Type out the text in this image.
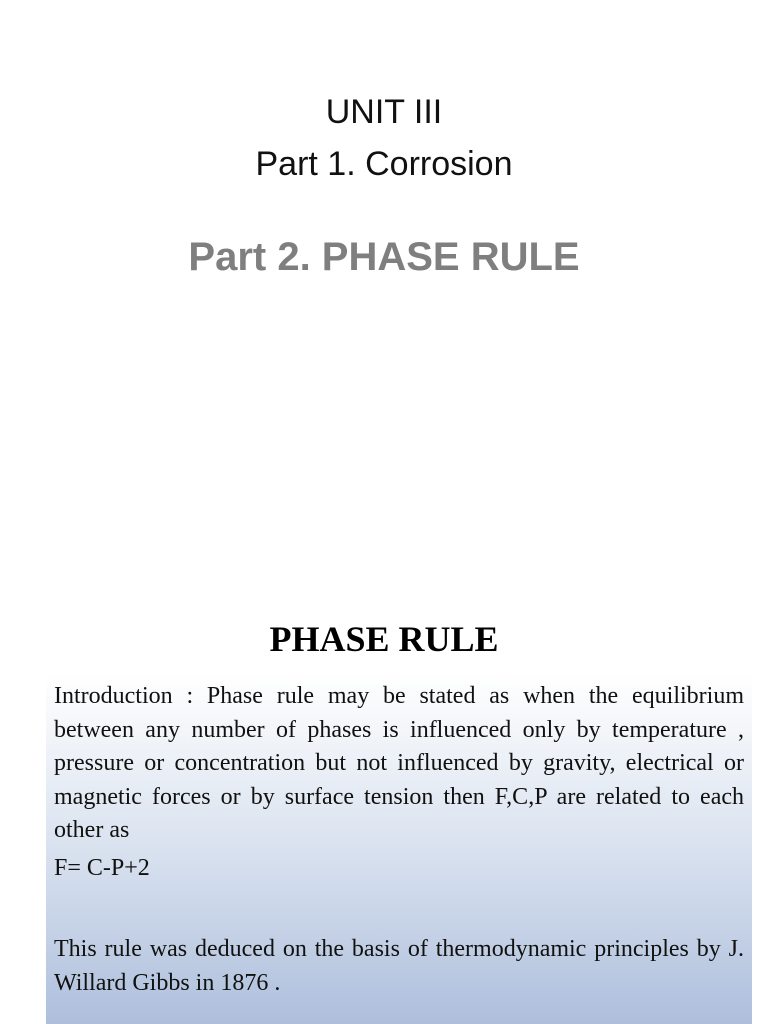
UNIT III
Part 1. Corrosion
Part 2. PHASE RULE
PHASE RULE

Introduction : Phase rule may be stated as when the equilibrium between any number of phases is influenced only by temperature , pressure or concentration but not influenced by gravity, electrical or magnetic forces or by surface tension then F,C,P are related to each other as

F= C-P+2

This rule was deduced on the basis of thermodynamic principles by J. Willard Gibbs in 1876 .
